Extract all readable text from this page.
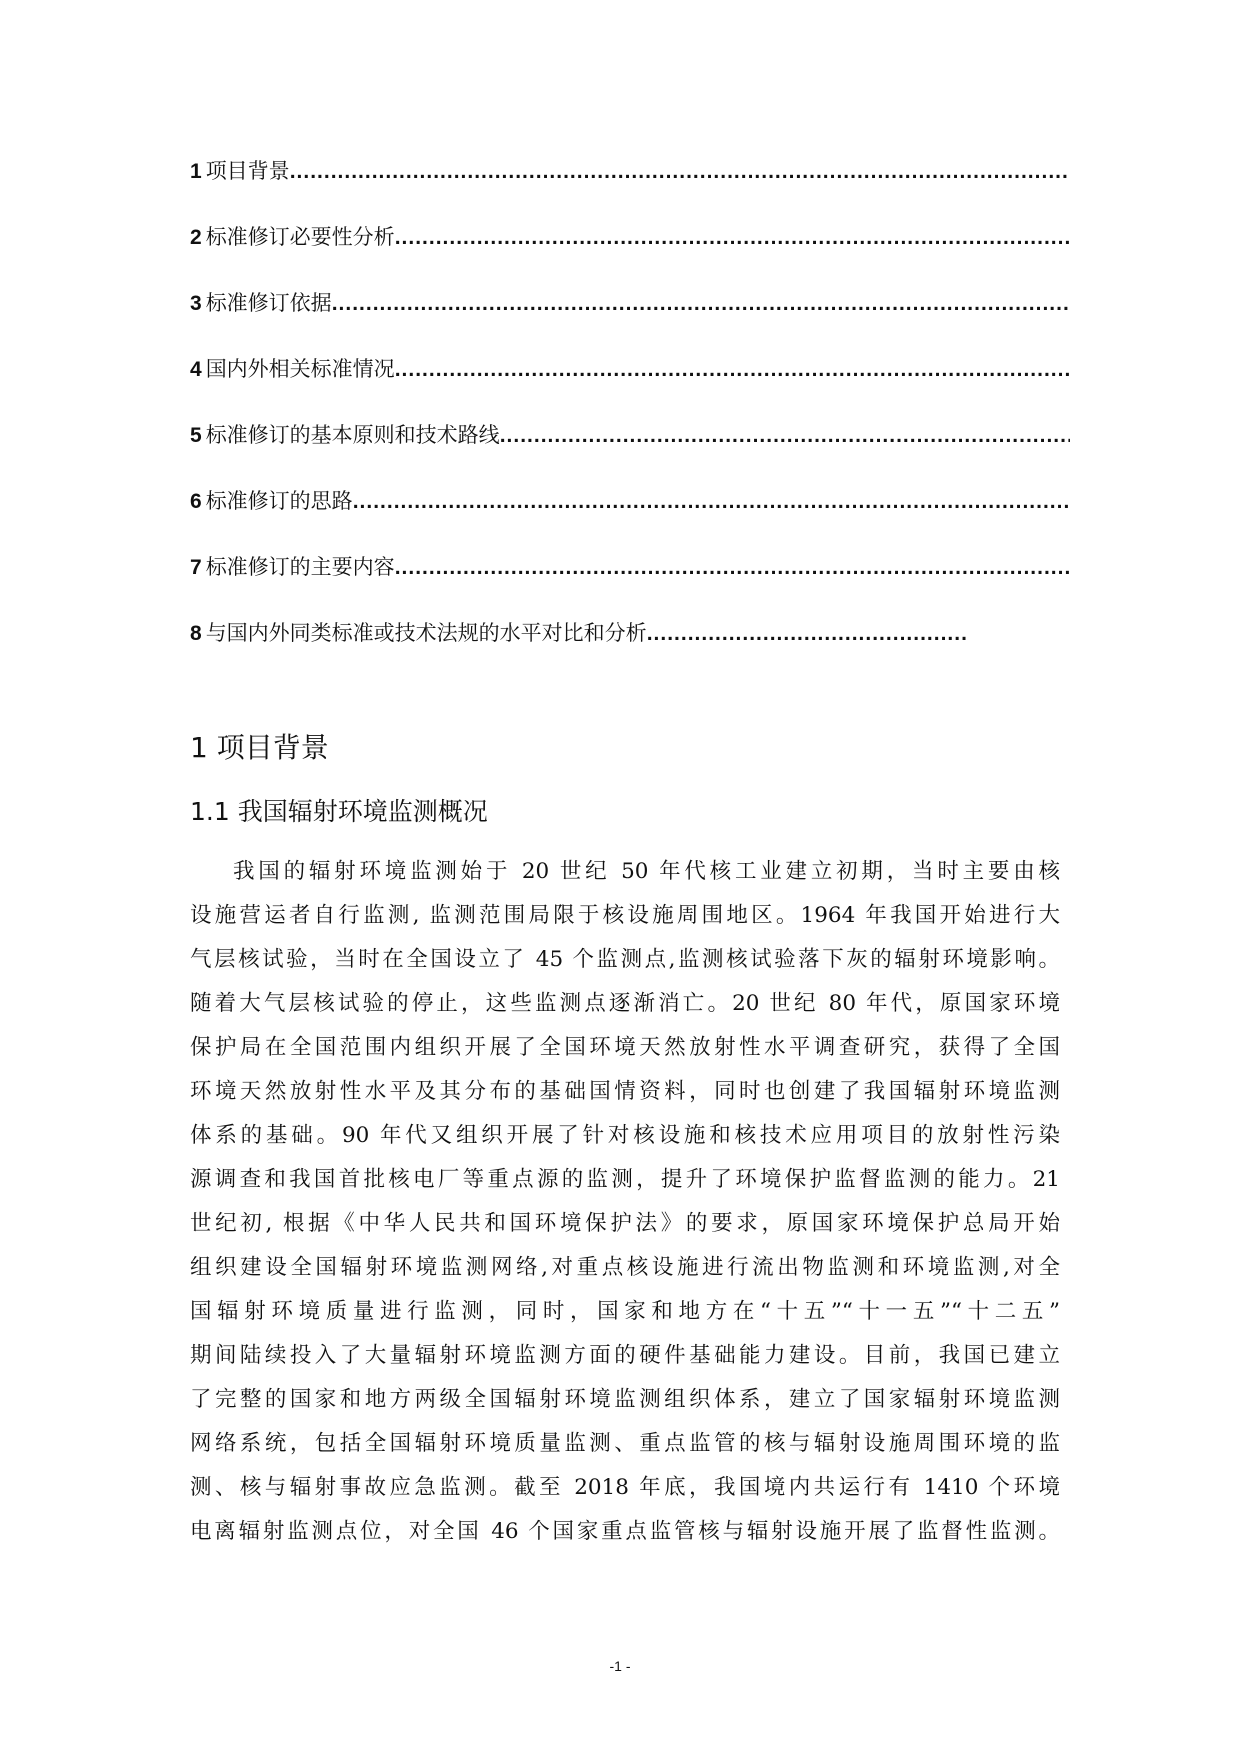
1 项目背景
.....
2 标准修订必要性分析
.....
3 标准修订依据
.....
4 国内外相关标准情况
.....
5 标准修订的基本原则和技术路线
.....
6 标准修订的思路
.....
7 标准修订的主要内容
.....
8 与国内外同类标准或技术法规的水平对比和分析
.....
1 项目背景
1.1 我国辐射环境监测概况
我国的辐射环境监测始于 20 世纪 50 年代核工业建立初期，当时主要由核
设施营运者自行监测, 监测范围局限于核设施周围地区。1964 年我国开始进行大
气层核试验，当时在全国设立了 45 个监测点,监测核试验落下灰的辐射环境影响。
随着大气层核试验的停止，这些监测点逐渐消亡。20 世纪 80 年代，原国家环境
保护局在全国范围内组织开展了全国环境天然放射性水平调查研究，获得了全国
环境天然放射性水平及其分布的基础国情资料，同时也创建了我国辐射环境监测
体系的基础。90 年代又组织开展了针对核设施和核技术应用项目的放射性污染
源调查和我国首批核电厂等重点源的监测，提升了环境保护监督监测的能力。21
世纪初, 根据《中华人民共和国环境保护法》的要求，原国家环境保护总局开始
组织建设全国辐射环境监测网络,对重点核设施进行流出物监测和环境监测,对全
国辐射环境质量进行监测，同时，国家和地方在“十五”“十一五”“十二五”
期间陆续投入了大量辐射环境监测方面的硬件基础能力建设。目前，我国已建立
了完整的国家和地方两级全国辐射环境监测组织体系，建立了国家辐射环境监测
网络系统，包括全国辐射环境质量监测、重点监管的核与辐射设施周围环境的监
测、核与辐射事故应急监测。截至 2018 年底，我国境内共运行有 1410 个环境
电离辐射监测点位，对全国 46 个国家重点监管核与辐射设施开展了监督性监测。
-1 -
